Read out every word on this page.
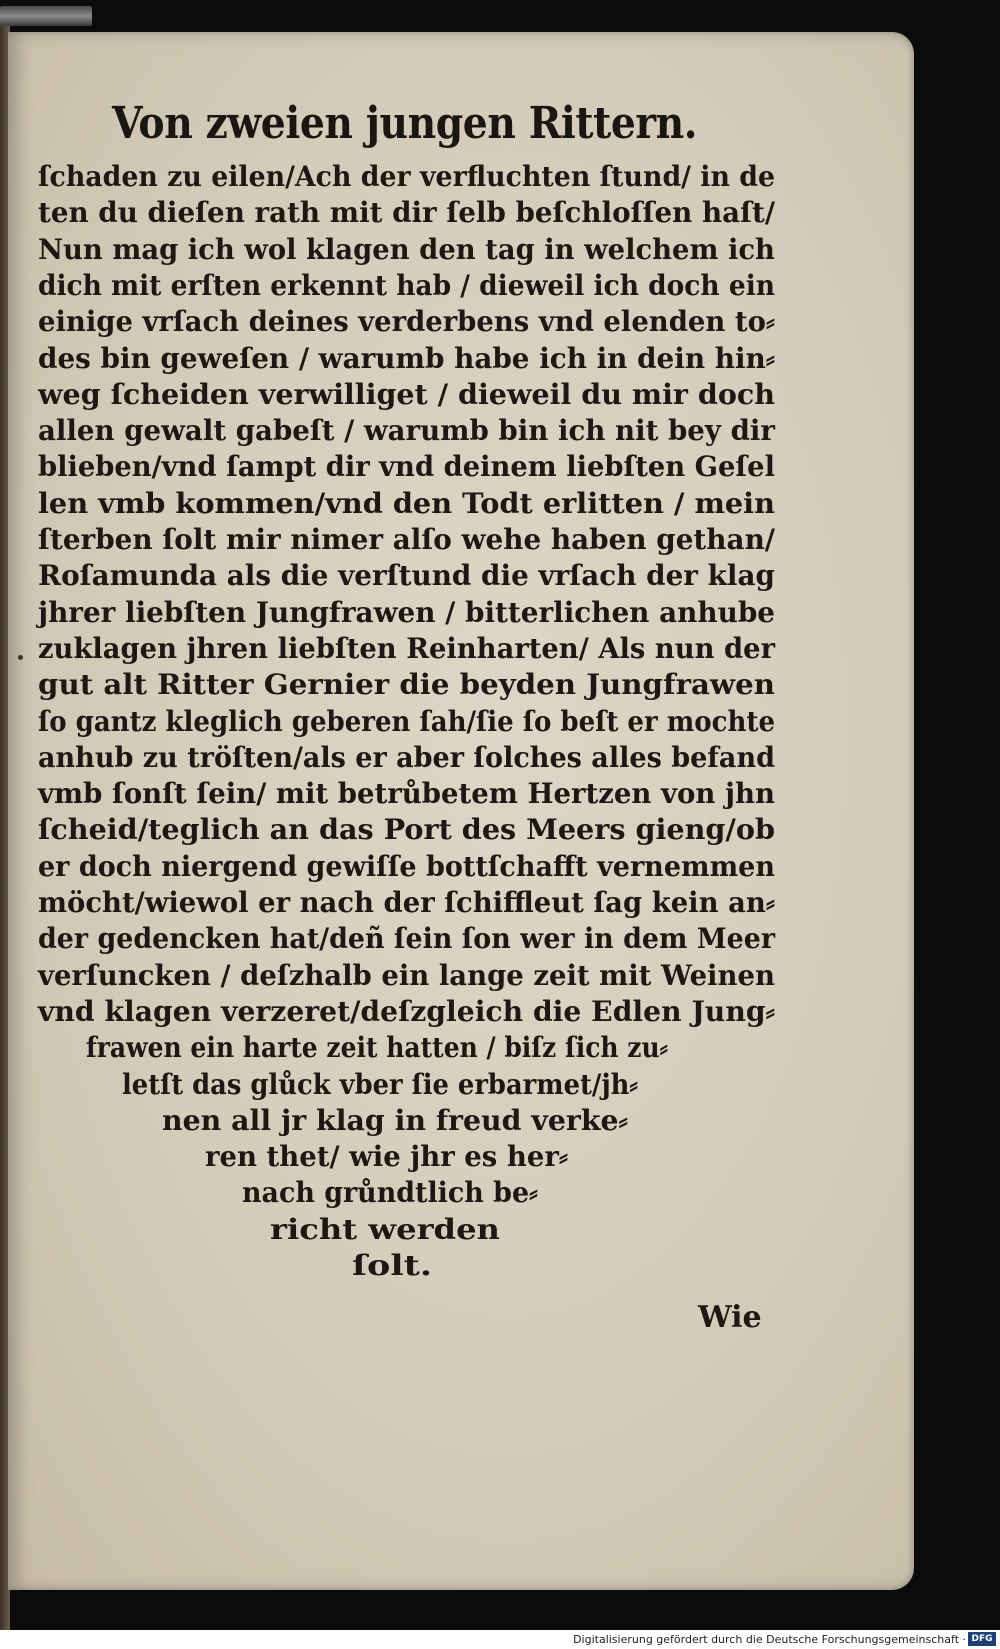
Von zweien jungen Rittern.
ſchaden zu eilen/Ach der verfluchten ſtund/ in de
ten du dieſen rath mit dir ſelb beſchloſſen haſt/
Nun mag ich wol klagen den tag in welchem ich
dich mit erſten erkennt hab / dieweil ich doch ein
einige vrſach deines verderbens vnd elenden to⸗
des bin geweſen / warumb habe ich in dein hin⸗
weg ſcheiden verwilliget / dieweil du mir doch
allen gewalt gabeſt / warumb bin ich nit bey dir
blieben/vnd ſampt dir vnd deinem liebſten Geſel
len vmb kommen/vnd den Todt erlitten / mein
ſterben ſolt mir nimer alſo wehe haben gethan/
Roſamunda als die verſtund die vrſach der klag
jhrer liebſten Jungfrawen / bitterlichen anhube
zuklagen jhren liebſten Reinharten/ Als nun der
gut alt Ritter Gernier die beyden Jungfrawen
ſo gantz kleglich geberen ſah/ſie ſo beſt er mochte
anhub zu tröſten/als er aber ſolches alles befand
vmb ſonſt ſein/ mit betrůbetem Hertzen von jhn
ſcheid/teglich an das Port des Meers gieng/ob
er doch niergend gewiſſe bottſchafft vernemmen
möcht/wiewol er nach der ſchiffleut ſag kein an⸗
der gedencken hat/deñ ſein ſon wer in dem Meer
verſuncken / deſzhalb ein lange zeit mit Weinen
vnd klagen verzeret/deſzgleich die Edlen Jung⸗
frawen ein harte zeit hatten / biſz ſich zu⸗
letſt das glůck vber ſie erbarmet/jh⸗
nen all jr klag in freud verke⸗
ren thet/ wie jhr es her⸗
nach grůndtlich be⸗
richt werden
ſolt.
Wie
Digitalisierung gefördert durch die Deutsche Forschungsgemeinschaft · DFG
